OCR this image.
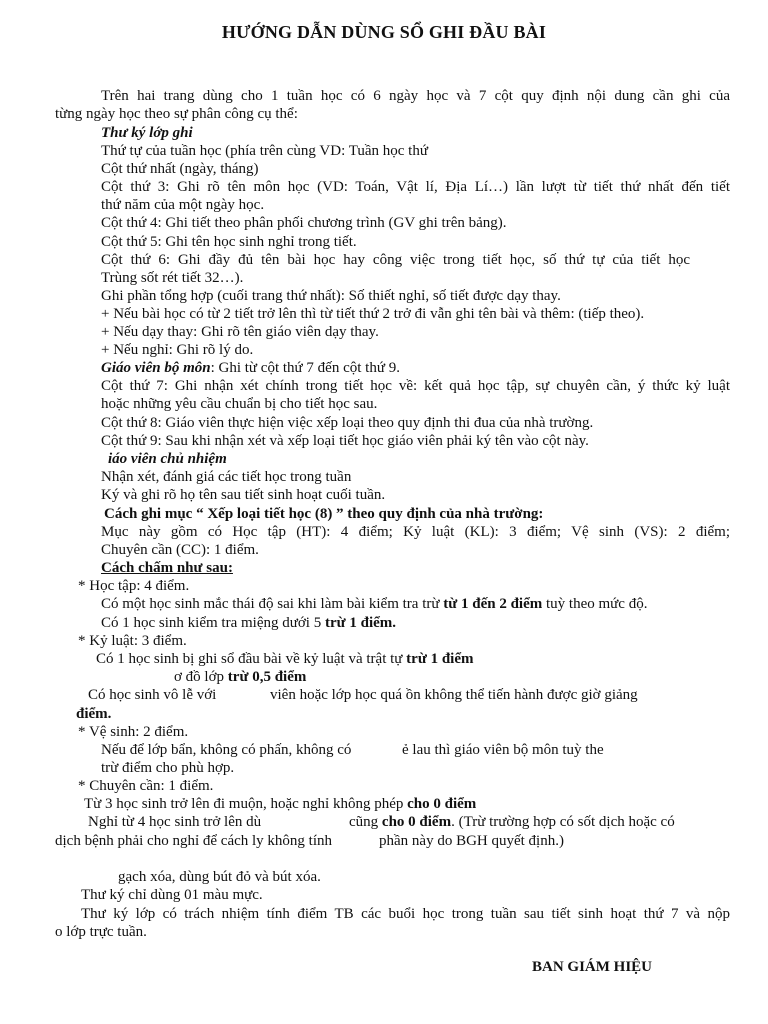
HƯỚNG DẪN DÙNG SỔ GHI ĐẦU BÀI
Trên hai trang dùng cho 1 tuần học có 6 ngày học và 7 cột quy định nội dung cần ghi của
từng ngày học theo sự phân công cụ thể:
Thư ký lớp ghi
Thứ tự của tuần học (phía trên cùng VD: Tuần học thứ
Cột thứ nhất (ngày, tháng)
Cột thứ 3: Ghi rõ tên môn học (VD: Toán, Vật lí, Địa Lí…) lần lượt từ tiết thứ nhất đến tiết
thứ năm của một ngày học.
Cột thứ 4: Ghi tiết theo phân phối chương trình (GV ghi trên bảng).
Cột thứ 5: Ghi tên học sinh nghỉ trong tiết.
Cột thứ 6: Ghi đầy đủ tên bài học hay công việc trong tiết học, số thứ tự của tiết học
Trùng sốt rét tiết 32…).
Ghi phần tổng hợp (cuối trang thứ nhất): Số thiết nghỉ, số tiết được dạy thay.
+ Nếu bài học có từ 2 tiết trở lên thì từ tiết thứ 2 trở đi vẫn ghi tên bài và thêm: (tiếp theo).
+ Nếu dạy thay: Ghi rõ tên giáo viên dạy thay.
+ Nếu nghỉ: Ghi rõ lý do.
Giáo viên bộ môn: Ghi từ cột thứ 7 đến cột thứ 9.
Cột thứ 7: Ghi nhận xét chính trong tiết học về: kết quả học tập, sự chuyên cần, ý thức kỷ luật
hoặc những yêu cầu chuẩn bị cho tiết học sau.
Cột thứ 8: Giáo viên thực hiện việc xếp loại theo quy định thi đua của nhà trường.
Cột thứ 9: Sau khi nhận xét và xếp loại tiết học giáo viên phải ký tên vào cột này.
iáo viên chủ nhiệm
Nhận xét, đánh giá các tiết học trong tuần
Ký và ghi rõ họ tên sau tiết sinh hoạt cuối tuần.
Cách ghi mục “ Xếp loại tiết học (8) ” theo quy định của nhà trường:
Mục này gồm có Học tập (HT): 4 điểm; Kỷ luật (KL): 3 điểm; Vệ sinh (VS): 2 điểm;
Chuyên cần (CC): 1 điểm.
Cách chấm như sau:
* Học tập: 4 điểm.
Có một học sinh mắc thái độ sai khi làm bài kiểm tra trừ từ 1 đến 2 điểm tuỳ theo mức độ.
Có 1 học sinh kiểm tra miệng dưới 5 trừ 1 điểm.
* Kỷ luật: 3 điểm.
Có 1 học sinh bị ghi sổ đầu bài về kỷ luật và trật tự trừ 1 điểm
ơ đồ lớp trừ 0,5 điểm
Có học sinh vô lễ với	viên hoặc lớp học quá ồn không thể tiến hành được giờ giảng
điểm.
* Vệ sinh: 2 điểm.
Nếu để lớp bẩn, không có phấn, không có	ẻ lau thì giáo viên bộ môn tuỳ the
trừ điểm cho phù hợp.
* Chuyên cần: 1 điểm.
Từ 3 học sinh trở lên đi muộn, hoặc nghỉ không phép cho 0 điểm
Nghỉ từ 4 học sinh trở lên dù	cũng cho 0 điểm. (Trừ trường hợp có sốt dịch hoặc có
dịch bệnh phải cho nghỉ để cách ly không tính	phần này do BGH quyết định.)
gạch xóa, dùng bút đỏ và bút xóa.
Thư ký chỉ dùng 01 màu mực.
Thư ký lớp có trách nhiệm tính điểm TB các buổi học trong tuần sau tiết sinh hoạt thứ 7 và nộp
o lớp trực tuần.
BAN GIÁM HIỆU
